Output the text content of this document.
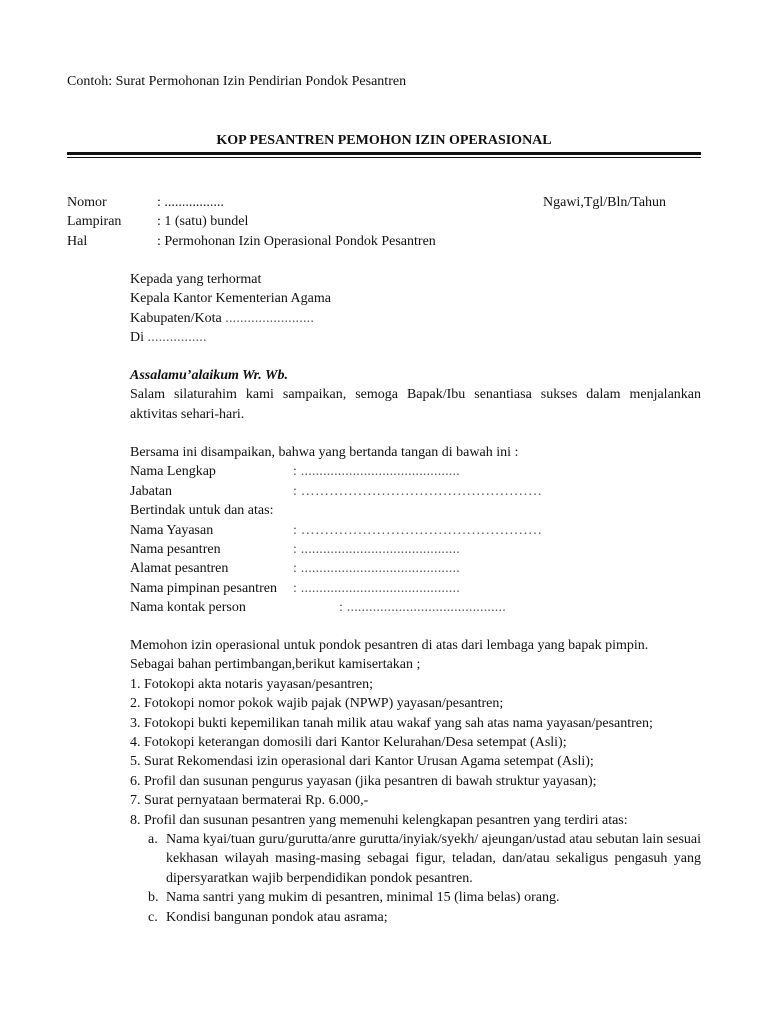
Contoh: Surat Permohonan Izin Pendirian Pondok Pesantren
KOP PESANTREN PEMOHON IZIN OPERASIONAL
Nomor	: .................
Lampiran	: 1 (satu) bundel
Hal	: Permohonan Izin Operasional Pondok Pesantren
Ngawi,Tgl/Bln/Tahun
Kepada yang terhormat
Kepala Kantor Kementerian Agama
Kabupaten/Kota ........................
Di ................
Assalamu’alaikum Wr. Wb.
Salam silaturahim kami sampaikan, semoga Bapak/Ibu senantiasa sukses dalam menjalankan aktivitas sehari-hari.
Bersama ini disampaikan, bahwa yang bertanda tangan di bawah ini :
Nama Lengkap	: ...........................................
Jabatan	: ……………………………………………
Bertindak untuk dan atas:
Nama Yayasan	: ……………………………………………
Nama pesantren	: ...........................................
Alamat pesantren	: ...........................................
Nama pimpinan pesantren : ...........................................
Nama kontak person	: ...........................................
Memohon izin operasional untuk pondok pesantren di atas dari lembaga yang bapak pimpin.
Sebagai bahan pertimbangan,berikut kamisertakan ;
1. Fotokopi akta notaris yayasan/pesantren;
2. Fotokopi nomor pokok wajib pajak (NPWP) yayasan/pesantren;
3. Fotokopi bukti kepemilikan tanah milik atau wakaf yang sah atas nama yayasan/pesantren;
4. Fotokopi keterangan domosili dari Kantor Kelurahan/Desa setempat (Asli);
5. Surat Rekomendasi izin operasional dari Kantor Urusan Agama setempat (Asli);
6. Profil dan susunan pengurus yayasan (jika pesantren di bawah struktur yayasan);
7. Surat pernyataan bermaterai Rp. 6.000,-
8. Profil dan susunan pesantren yang memenuhi kelengkapan pesantren yang terdiri atas:
a. Nama kyai/tuan guru/gurutta/anre gurutta/inyiak/syekh/ ajeungan/ustad atau sebutan lain sesuai kekhasan wilayah masing-masing sebagai figur, teladan, dan/atau sekaligus pengasuh yang dipersyaratkan wajib berpendidikan pondok pesantren.
b. Nama santri yang mukim di pesantren, minimal 15 (lima belas) orang.
c. Kondisi bangunan pondok atau asrama;
